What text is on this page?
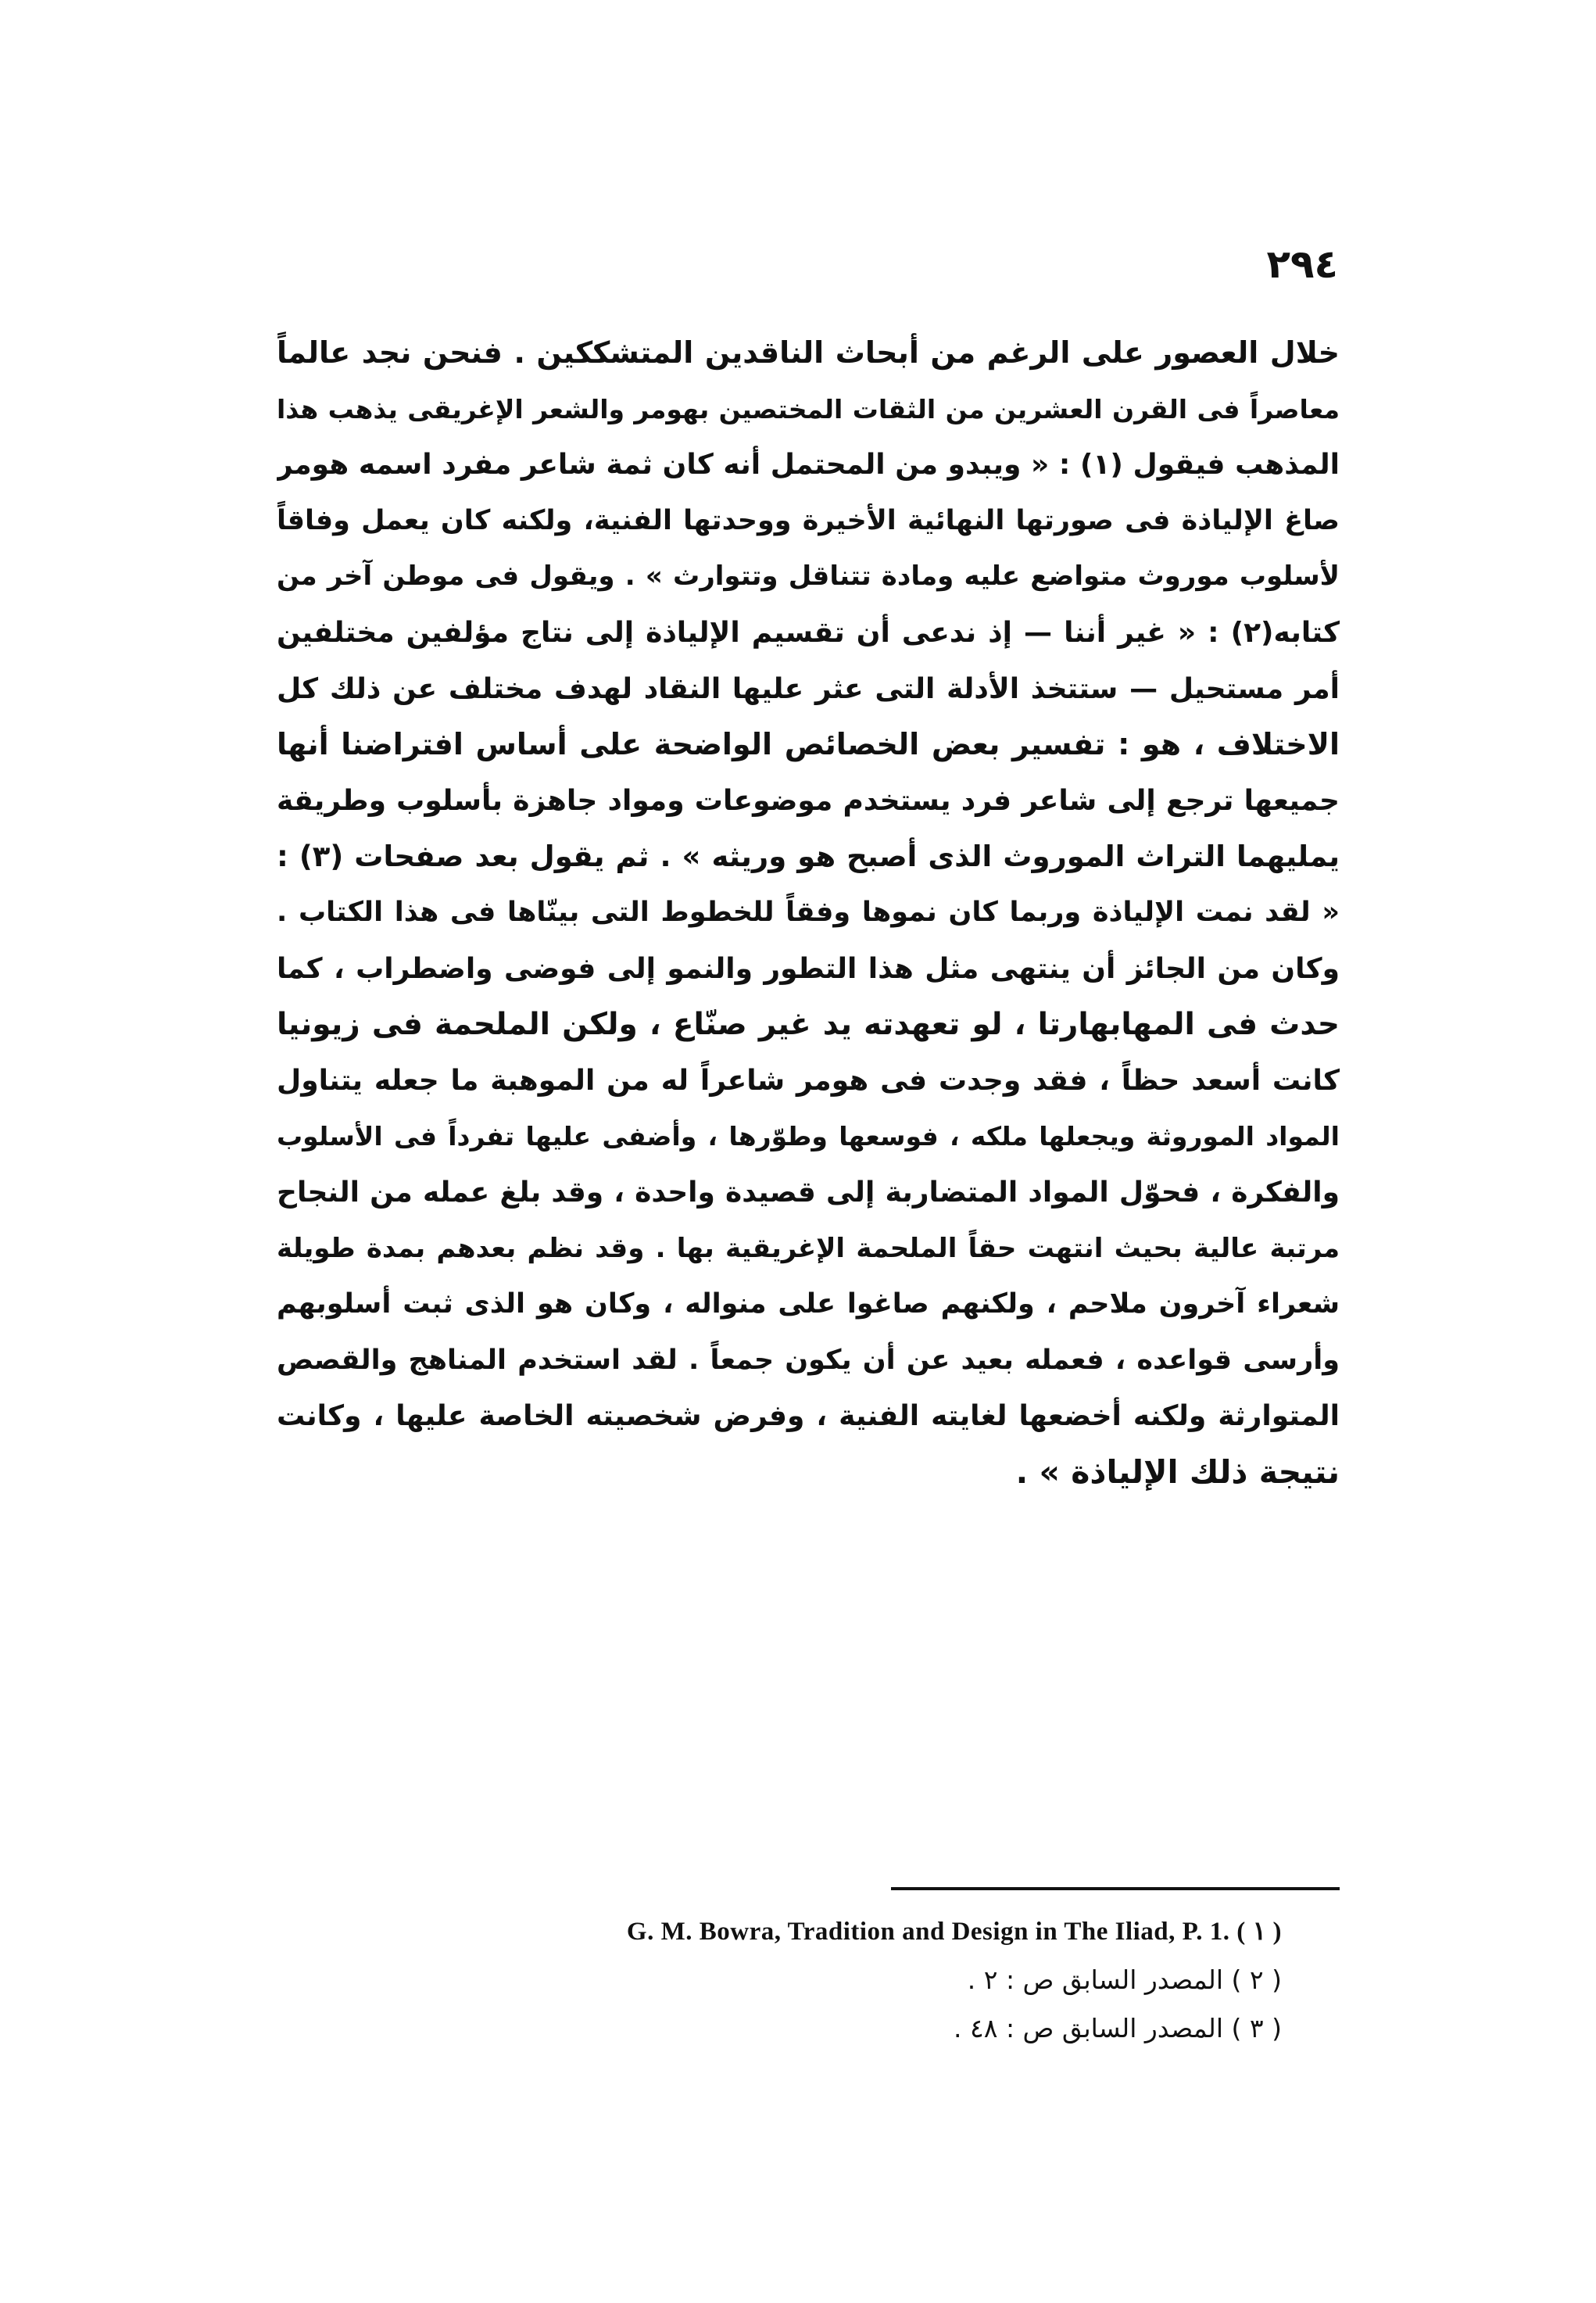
٢٩٤
خلال العصور على الرغم من أبحاث الناقدين المتشككين . فنحن نجد عالماً
معاصراً فى القرن العشرين من الثقات المختصين بهومر والشعر الإغريقى يذهب هذا
المذهب فيقول (١) : « ويبدو من المحتمل أنه كان ثمة شاعر مفرد اسمه هومر
صاغ الإلياذة فى صورتها النهائية الأخيرة ووحدتها الفنية، ولكنه كان يعمل وفاقاً
لأسلوب موروث متواضع عليه ومادة تتناقل وتتوارث » . ويقول فى موطن آخر من
كتابه(٢) : « غير أننا — إذ ندعى أن تقسيم الإلياذة إلى نتاج مؤلفين مختلفين
أمر مستحيل — ستتخذ الأدلة التى عثر عليها النقاد لهدف مختلف عن ذلك كل
الاختلاف ، هو : تفسير بعض الخصائص الواضحة على أساس افتراضنا أنها
جميعها ترجع إلى شاعر فرد يستخدم موضوعات ومواد جاهزة بأسلوب وطريقة
يمليهما التراث الموروث الذى أصبح هو وريثه » . ثم يقول بعد صفحات (٣) :
« لقد نمت الإلياذة وربما كان نموها وفقاً للخطوط التى بينّاها فى هذا الكتاب .
وكان من الجائز أن ينتهى مثل هذا التطور والنمو إلى فوضى واضطراب ، كما
حدث فى المهابهارتا ، لو تعهدته يد غير صنّاع ، ولكن الملحمة فى زيونيا
كانت أسعد حظاً ، فقد وجدت فى هومر شاعراً له من الموهبة ما جعله يتناول
المواد الموروثة ويجعلها ملكه ، فوسعها وطوّرها ، وأضفى عليها تفرداً فى الأسلوب
والفكرة ، فحوّل المواد المتضاربة إلى قصيدة واحدة ، وقد بلغ عمله من النجاح
مرتبة عالية بحيث انتهت حقاً الملحمة الإغريقية بها . وقد نظم بعدهم بمدة طويلة
شعراء آخرون ملاحم ، ولكنهم صاغوا على منواله ، وكان هو الذى ثبت أسلوبهم
وأرسى قواعده ، فعمله بعيد عن أن يكون جمعاً . لقد استخدم المناهج والقصص
المتوارثة ولكنه أخضعها لغايته الفنية ، وفرض شخصيته الخاصة عليها ، وكانت
نتيجة ذلك الإلياذة » .
G. M. Bowra, Tradition and Design in The Iliad, P. 1. ( ١ )
( ٢ ) المصدر السابق ص : ٢ .
( ٣ ) المصدر السابق ص : ٤٨ .
